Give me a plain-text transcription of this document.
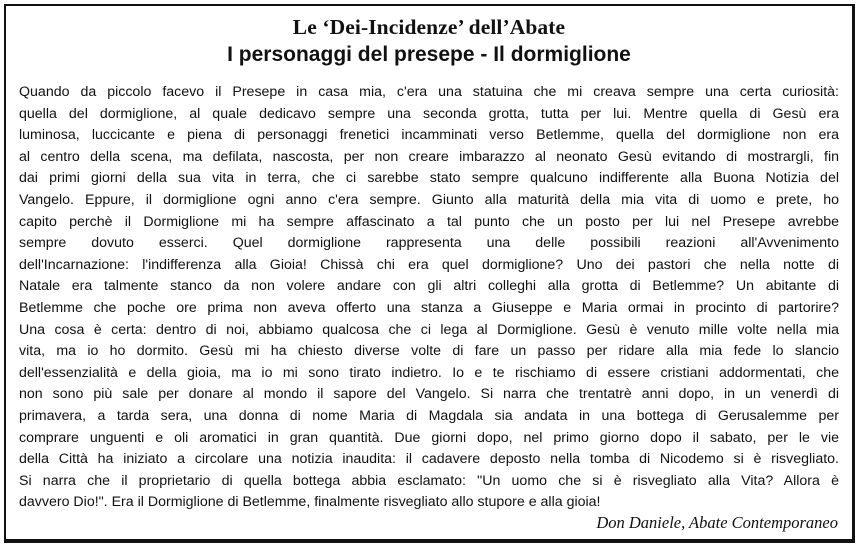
Le ‘Dei-Incidenze’ dell’Abate
I personaggi del presepe - Il dormiglione
Quando da piccolo facevo il Presepe in casa mia, c'era una statuina che mi creava sempre una certa curiosità:
quella del dormiglione, al quale dedicavo sempre una seconda grotta, tutta per lui. Mentre quella di Gesù era
luminosa, luccicante e piena di personaggi frenetici incamminati verso Betlemme, quella del dormiglione non era
al centro della scena, ma defilata, nascosta, per non creare imbarazzo al neonato Gesù evitando di mostrargli, fin
dai primi giorni della sua vita in terra, che ci sarebbe stato sempre qualcuno indifferente alla Buona Notizia del
Vangelo. Eppure, il dormiglione ogni anno c'era sempre. Giunto alla maturità della mia vita di uomo e prete, ho
capito perchè il Dormiglione mi ha sempre affascinato a tal punto che un posto per lui nel Presepe avrebbe
sempre dovuto esserci. Quel dormiglione rappresenta una delle possibili reazioni all'Avvenimento
dell'Incarnazione: l'indifferenza alla Gioia! Chissà chi era quel dormiglione? Uno dei pastori che nella notte di
Natale era talmente stanco da non volere andare con gli altri colleghi alla grotta di Betlemme? Un abitante di
Betlemme che poche ore prima non aveva offerto una stanza a Giuseppe e Maria ormai in procinto di partorire?
Una cosa è certa: dentro di noi, abbiamo qualcosa che ci lega al Dormiglione. Gesù è venuto mille volte nella mia
vita, ma io ho dormito. Gesù mi ha chiesto diverse volte di fare un passo per ridare alla mia fede lo slancio
dell'essenzialità e della gioia, ma io mi sono tirato indietro. Io e te rischiamo di essere cristiani addormentati, che
non sono più sale per donare al mondo il sapore del Vangelo. Si narra che trentatrè anni dopo, in un venerdì di
primavera, a tarda sera, una donna di nome Maria di Magdala sia andata in una bottega di Gerusalemme per
comprare unguenti e oli aromatici in gran quantità. Due giorni dopo, nel primo giorno dopo il sabato, per le vie
della Città ha iniziato a circolare una notizia inaudita: il cadavere deposto nella tomba di Nicodemo si è risvegliato.
Si narra che il proprietario di quella bottega abbia esclamato: "Un uomo che si è risvegliato alla Vita? Allora è
davvero Dio!". Era il Dormiglione di Betlemme, finalmente risvegliato allo stupore e alla gioia!
Don Daniele, Abate Contemporaneo
